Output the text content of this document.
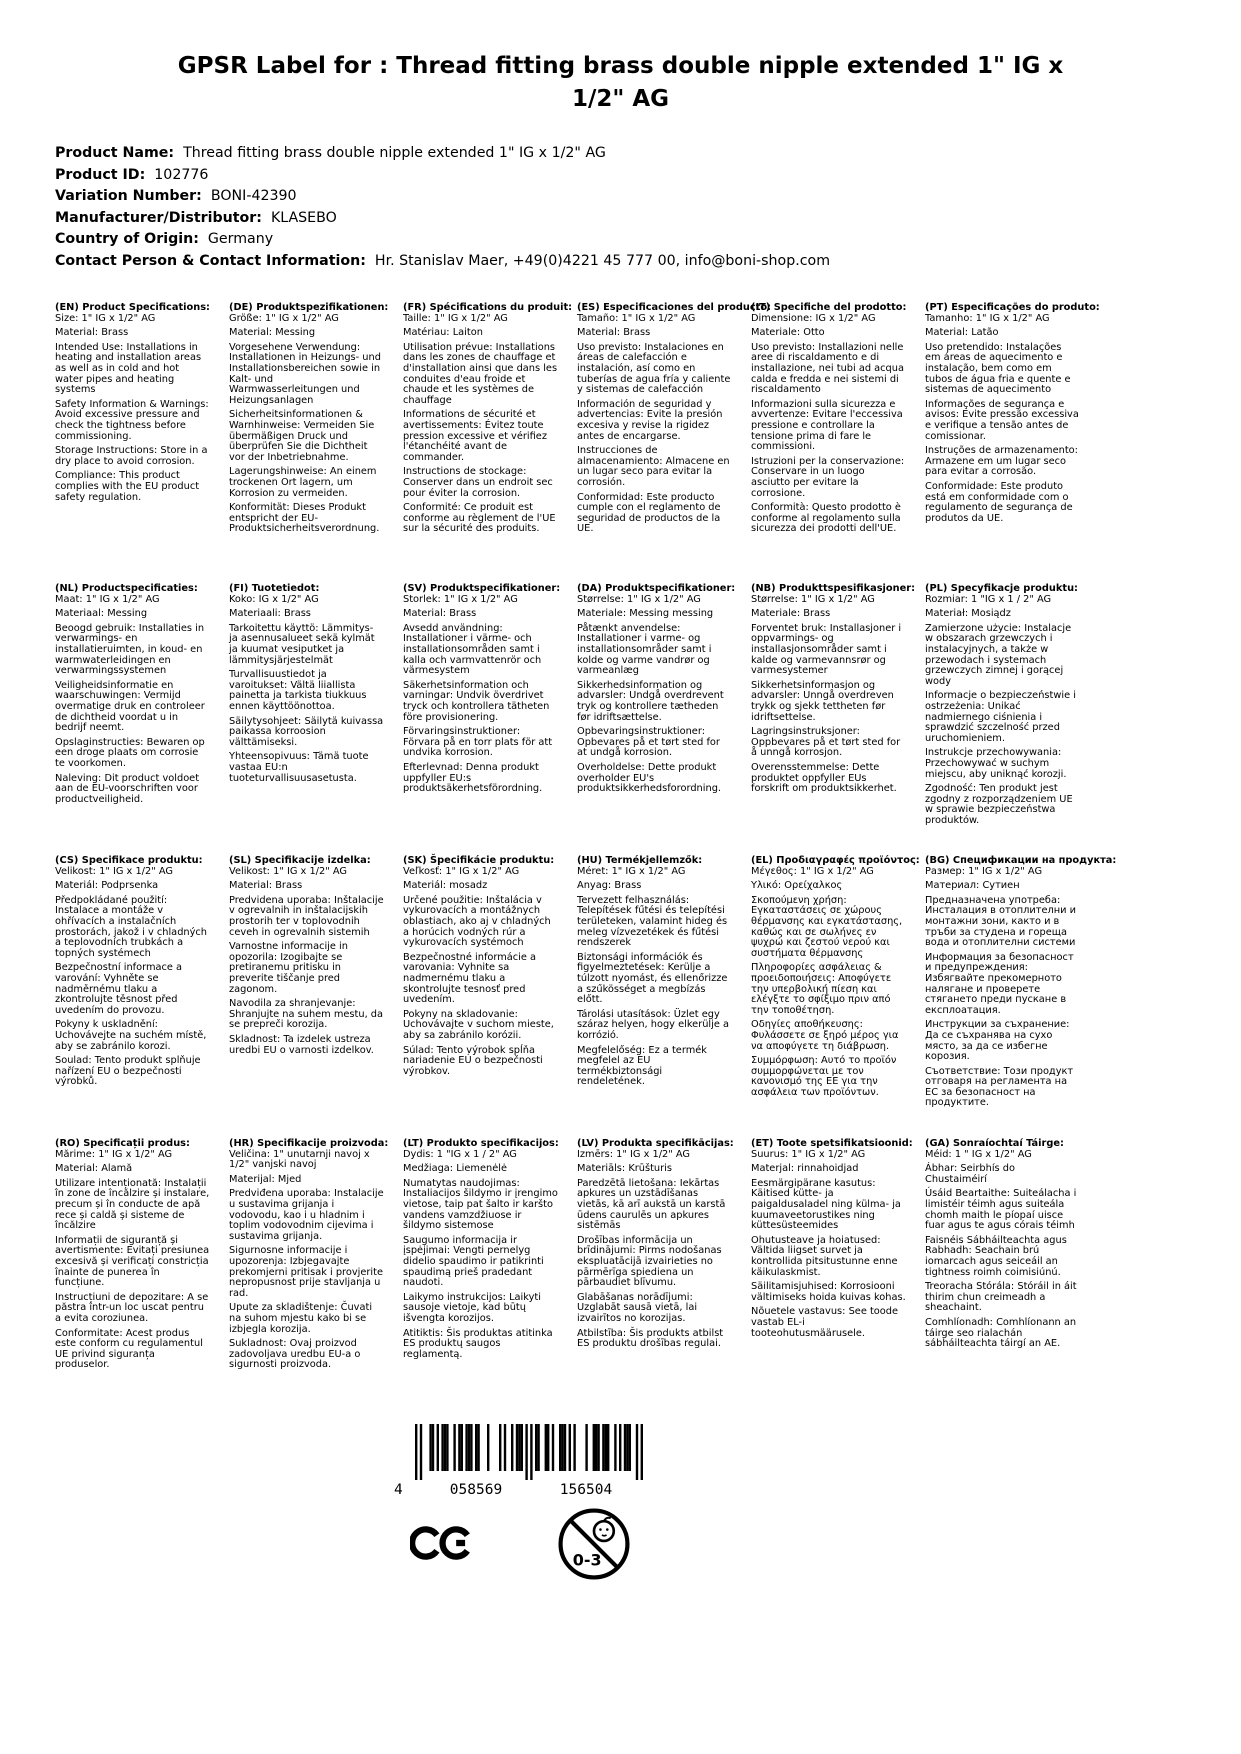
GPSR Label for : Thread fitting brass double nipple extended 1" IG x 1/2" AG
Product Name:  Thread fitting brass double nipple extended 1" IG x 1/2" AG
Product ID:  102776
Variation Number:  BONI-42390
Manufacturer/Distributor:  KLASEBO
Country of Origin:  Germany
Contact Person & Contact Information:  Hr. Stanislav Maer, +49(0)4221 45 777 00, info@boni-shop.com
(EN) Product Specifications:

Size: 1" IG x 1/2" AG

Material: Brass

Intended Use: Installations in heating and installation areas as well as in cold and hot water pipes and heating systems

Safety Information & Warnings: Avoid excessive pressure and check the tightness before commissioning.

Storage Instructions: Store in a dry place to avoid corrosion.

Compliance: This product complies with the EU product safety regulation.

(DE) Produktspezifikationen:

Größe: 1" IG x 1/2" AG

Material: Messing

Vorgesehene Verwendung: Installationen in Heizungs- und Installationsbereichen sowie in Kalt- und Warmwasserleitungen und Heizungsanlagen

Sicherheitsinformationen & Warnhinweise: Vermeiden Sie übermäßigen Druck und überprüfen Sie die Dichtheit vor der Inbetriebnahme.

Lagerungshinweise: An einem trockenen Ort lagern, um Korrosion zu vermeiden.

Konformität: Dieses Produkt entspricht der EU-Produktsicherheitsverordnung.

(FR) Spécifications du produit:

Taille: 1" IG x 1/2" AG

Matériau: Laiton

Utilisation prévue: Installations dans les zones de chauffage et d'installation ainsi que dans les conduites d'eau froide et chaude et les systèmes de chauffage

Informations de sécurité et avertissements: Évitez toute pression excessive et vérifiez l'étanchéité avant de commander.

Instructions de stockage: Conserver dans un endroit sec pour éviter la corrosion.

Conformité: Ce produit est conforme au règlement de l'UE sur la sécurité des produits.

(ES) Especificaciones del producto:

Tamaño: 1" IG x 1/2" AG

Material: Brass

Uso previsto: Instalaciones en áreas de calefacción e instalación, así como en tuberías de agua fría y caliente y sistemas de calefacción

Información de seguridad y advertencias: Evite la presión excesiva y revise la rigidez antes de encargarse.

Instrucciones de almacenamiento: Almacene en un lugar seco para evitar la corrosión.

Conformidad: Este producto cumple con el reglamento de seguridad de productos de la UE.

(IT) Specifiche del prodotto:

Dimensione: IG x 1/2" AG

Materiale: Otto

Uso previsto: Installazioni nelle aree di riscaldamento e di installazione, nei tubi ad acqua calda e fredda e nei sistemi di riscaldamento

Informazioni sulla sicurezza e avvertenze: Evitare l'eccessiva pressione e controllare la tensione prima di fare le commissioni.

Istruzioni per la conservazione: Conservare in un luogo asciutto per evitare la corrosione.

Conformità: Questo prodotto è conforme al regolamento sulla sicurezza dei prodotti dell'UE.

(PT) Especificações do produto:

Tamanho: 1" IG x 1/2" AG

Material: Latão

Uso pretendido: Instalações em áreas de aquecimento e instalação, bem como em tubos de água fria e quente e sistemas de aquecimento

Informações de segurança e avisos: Evite pressão excessiva e verifique a tensão antes de comissionar.

Instruções de armazenamento: Armazene em um lugar seco para evitar a corrosão.

Conformidade: Este produto está em conformidade com o regulamento de segurança de produtos da UE.

(NL) Productspecificaties:

Maat: 1" IG x 1/2" AG

Materiaal: Messing

Beoogd gebruik: Installaties in verwarmings- en installatieruimten, in koud- en warmwaterleidingen en verwarmingssystemen

Veiligheidsinformatie en waarschuwingen: Vermijd overmatige druk en controleer de dichtheid voordat u in bedrijf neemt.

Opslaginstructies: Bewaren op een droge plaats om corrosie te voorkomen.

Naleving: Dit product voldoet aan de EU-voorschriften voor productveiligheid.

(FI) Tuotetiedot:

Koko: IG x 1/2" AG

Materiaali: Brass

Tarkoitettu käyttö: Lämmitys- ja asennusalueet sekä kylmät ja kuumat vesiputket ja lämmitysjärjestelmät

Turvallisuustiedot ja varoitukset: Vältä liiallista painetta ja tarkista tiukkuus ennen käyttöönottoa.

Säilytysohjeet: Säilytä kuivassa paikassa korroosion välttämiseksi.

Yhteensopivuus: Tämä tuote vastaa EU:n tuoteturvallisuusasetusta.

(SV) Produktspecifikationer:

Storlek: 1" IG x 1/2" AG

Material: Brass

Avsedd användning: Installationer i värme- och installationsområden samt i kalla och varmvattenrör och värmesystem

Säkerhetsinformation och varningar: Undvik överdrivet tryck och kontrollera tätheten före provisionering.

Förvaringsinstruktioner: Förvara på en torr plats för att undvika korrosion.

Efterlevnad: Denna produkt uppfyller EU:s produktsäkerhetsförordning.

(DA) Produktspecifikationer:

Størrelse: 1" IG x 1/2" AG

Materiale: Messing messing

Påtænkt anvendelse: Installationer i varme- og installationsområder samt i kolde og varme vandrør og varmeanlæg

Sikkerhedsinformation og advarsler: Undgå overdrevent tryk og kontrollere tætheden før idriftsættelse.

Opbevaringsinstruktioner: Opbevares på et tørt sted for at undgå korrosion.

Overholdelse: Dette produkt overholder EU's produktsikkerhedsforordning.

(NB) Produkttspesifikasjoner:

Størrelse: 1" IG x 1/2" AG

Materiale: Brass

Forventet bruk: Installasjoner i oppvarmings- og installasjonsområder samt i kalde og varmevannsrør og varmesystemer

Sikkerhetsinformasjon og advarsler: Unngå overdreven trykk og sjekk tettheten før idriftsettelse.

Lagringsinstruksjoner: Oppbevares på et tørt sted for å unngå korrosjon.

Overensstemmelse: Dette produktet oppfyller EUs forskrift om produktsikkerhet.

(PL) Specyfikacje produktu:

Rozmiar: 1 "IG x 1 / 2" AG

Materiał: Mosiądz

Zamierzone użycie: Instalacje w obszarach grzewczych i instalacyjnych, a także w przewodach i systemach grzewczych zimnej i gorącej wody

Informacje o bezpieczeństwie i ostrzeżenia: Unikać nadmiernego ciśnienia i sprawdzić szczelność przed uruchomieniem.

Instrukcje przechowywania: Przechowywać w suchym miejscu, aby uniknąć korozji.

Zgodność: Ten produkt jest zgodny z rozporządzeniem UE w sprawie bezpieczeństwa produktów.

(CS) Specifikace produktu:

Velikost: 1" IG x 1/2" AG

Materiál: Podprsenka

Předpokládané použití: Instalace a montáže v ohřívacích a instalačních prostorách, jakož i v chladných a teplovodních trubkách a topných systémech

Bezpečnostní informace a varování: Vyhněte se nadměrnému tlaku a zkontrolujte těsnost před uvedením do provozu.

Pokyny k uskladnění: Uchovávejte na suchém místě, aby se zabránilo korozi.

Soulad: Tento produkt splňuje nařízení EU o bezpečnosti výrobků.

(SL) Specifikacije izdelka:

Velikost: 1" IG x 1/2" AG

Material: Brass

Predvidena uporaba: Inštalacije v ogrevalnih in inštalacijskih prostorih ter v toplovodnih ceveh in ogrevalnih sistemih

Varnostne informacije in opozorila: Izogibajte se pretiranemu pritisku in preverite tiščanje pred zagonom.

Navodila za shranjevanje: Shranjujte na suhem mestu, da se prepreči korozija.

Skladnost: Ta izdelek ustreza uredbi EU o varnosti izdelkov.

(SK) Špecifikácie produktu:

Veľkosť: 1" IG x 1/2" AG

Materiál: mosadz

Určené použitie: Inštalácia v vykurovacích a montážnych oblastiach, ako aj v chladných a horúcich vodných rúr a vykurovacích systémoch

Bezpečnostné informácie a varovania: Vyhnite sa nadmernému tlaku a skontrolujte tesnosť pred uvedením.

Pokyny na skladovanie: Uchovávajte v suchom mieste, aby sa zabránilo korózii.

Súlad: Tento výrobok spĺňa nariadenie EÚ o bezpečnosti výrobkov.

(HU) Termékjellemzők:

Méret: 1" IG x 1/2" AG

Anyag: Brass

Tervezett felhasználás: Telepítések fűtési és telepítési területeken, valamint hideg és meleg vízvezetékek és fűtési rendszerek

Biztonsági információk és figyelmeztetések: Kerülje a túlzott nyomást, és ellenőrizze a szűkösséget a megbízás előtt.

Tárolási utasítások: Üzlet egy száraz helyen, hogy elkerülje a korrózió.

Megfelelőség: Ez a termék megfelel az EU termékbiztonsági rendeletének.

(EL) Προδιαγραφές προϊόντος:

Μέγεθος: 1" IG x 1/2" AG

Υλικό: Ορείχαλκος

Σκοπούμενη χρήση: Εγκαταστάσεις σε χώρους θέρμανσης και εγκατάστασης, καθώς και σε σωλήνες εν ψυχρώ και ζεστού νερού και συστήματα θέρμανσης

Πληροφορίες ασφάλειας & προειδοποιήσεις: Αποφύγετε την υπερβολική πίεση και ελέγξτε το σφίξιμο πριν από την τοποθέτηση.

Οδηγίες αποθήκευσης: Φυλάσσετε σε ξηρό μέρος για να αποφύγετε τη διάβρωση.

Συμμόρφωση: Αυτό το προϊόν συμμορφώνεται με τον κανονισμό της ΕΕ για την ασφάλεια των προϊόντων.

(BG) Спецификации на продукта:

Размер: 1" IG x 1/2" AG

Материал: Сутиен

Предназначена употреба: Инсталация в отоплителни и монтажни зони, както и в тръби за студена и гореща вода и отоплителни системи

Информация за безопасност и предупреждения: Избягвайте прекомерното налягане и проверете стягането преди пускане в експлоатация.

Инструкции за съхранение: Да се съхранява на сухо място, за да се избегне корозия.

Съответствие: Този продукт отговаря на регламента на ЕС за безопасност на продуктите.

(RO) Specificații produs:

Mărime: 1" IG x 1/2" AG

Material: Alamă

Utilizare intenționată: Instalații în zone de încălzire și instalare, precum și în conducte de apă rece și caldă și sisteme de încălzire

Informații de siguranță și avertismente: Evitați presiunea excesivă și verificați constricția înainte de punerea în funcțiune.

Instrucțiuni de depozitare: A se păstra într-un loc uscat pentru a evita coroziunea.

Conformitate: Acest produs este conform cu regulamentul UE privind siguranța produselor.

(HR) Specifikacije proizvoda:

Veličina: 1" unutarnji navoj x 1/2" vanjski navoj

Materijal: Mjed

Predviđena uporaba: Instalacije u sustavima grijanja i vodovodu, kao i u hladnim i toplim vodovodnim cijevima i sustavima grijanja.

Sigurnosne informacije i upozorenja: Izbjegavajte prekomjerni pritisak i provjerite nepropusnost prije stavljanja u rad.

Upute za skladištenje: Čuvati na suhom mjestu kako bi se izbjegla korozija.

Sukladnost: Ovaj proizvod zadovoljava uredbu EU-a o sigurnosti proizvoda.

(LT) Produkto specifikacijos:

Dydis: 1 "IG x 1 / 2" AG

Medžiaga: Liemenėlė

Numatytas naudojimas: Instaliacijos šildymo ir įrengimo vietose, taip pat šalto ir karšto vandens vamzdžiuose ir šildymo sistemose

Saugumo informacija ir įspėjimai: Vengti pernelyg didelio spaudimo ir patikrinti spaudimą prieš pradedant naudoti.

Laikymo instrukcijos: Laikyti sausoje vietoje, kad būtų išvengta korozijos.

Atitiktis: Šis produktas atitinka ES produktų saugos reglamentą.

(LV) Produkta specifikācijas:

Izmērs: 1" IG x 1/2" AG

Materiāls: Krūšturis

Paredzētā lietošana: Iekārtas apkures un uzstādīšanas vietās, kā arī aukstā un karstā ūdens caurulēs un apkures sistēmās

Drošības informācija un brīdinājumi: Pirms nodošanas ekspluatācijā izvairieties no pārmērīga spiediena un pārbaudiet blīvumu.

Glabāšanas norādījumi: Uzglabāt sausā vietā, lai izvairītos no korozijas.

Atbilstība: Šis produkts atbilst ES produktu drošības regulai.

(ET) Toote spetsifikatsioonid:

Suurus: 1" IG x 1/2" AG

Materjal: rinnahoidjad

Eesmärgipärane kasutus: Käitised kütte- ja paigaldusaladel ning külma- ja kuumaveetorustikes ning küttesüsteemides

Ohutusteave ja hoiatused: Vältida liigset survet ja kontrollida pitsitustunne enne käikulaskmist.

Säilitamisjuhised: Korrosiooni vältimiseks hoida kuivas kohas.

Nõuetele vastavus: See toode vastab EL-i tooteohutusmäärusele.

(GA) Sonraíochtaí Táirge:

Méid: 1 " IG x 1/2" AG

Ábhar: Seirbhís do Chustaiméirí

Úsáid Beartaithe: Suiteálacha i limistéir téimh agus suiteála chomh maith le píopaí uisce fuar agus te agus córais téimh

Faisnéis Sábháilteachta agus Rabhadh: Seachain brú iomarcach agus seiceáil an tightness roimh coimisiúnú.

Treoracha Stórála: Stóráil in áit thirim chun creimeadh a sheachaint.

Comhlíonadh: Comhlíonann an táirge seo rialachán sábháilteachta táirgí an AE.

4	058569	156504
0-3
